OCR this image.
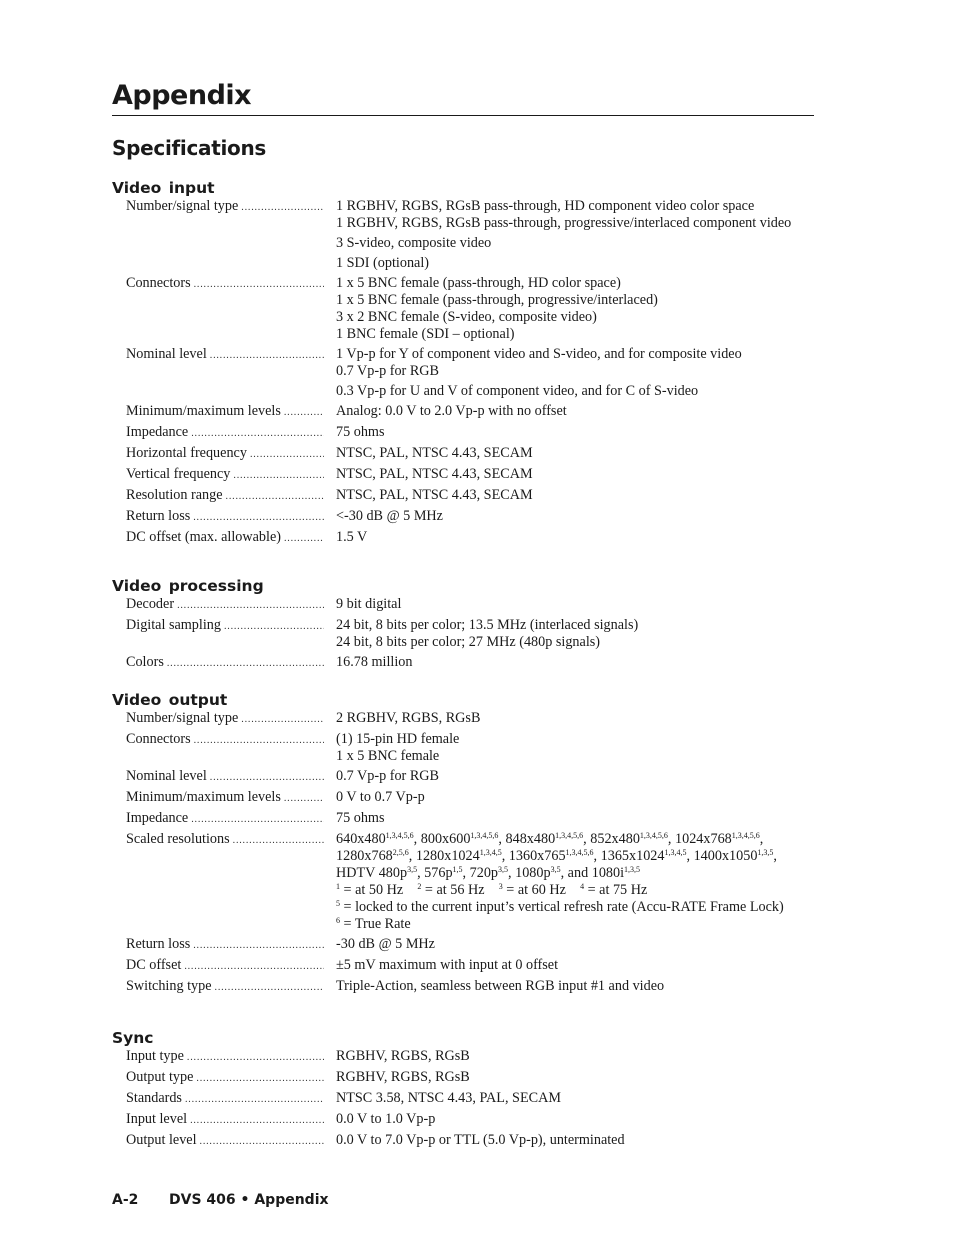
Appendix
Specifications
Video input
Number/signal type .....	1 RGBHV, RGBS, RGsB pass-through, HD component video color space
1 RGBHV, RGBS, RGsB pass-through, progressive/interlaced component video
3 S-video, composite video
1 SDI (optional)
Connectors .....	1 x 5 BNC female (pass-through, HD color space)
1 x 5 BNC female (pass-through, progressive/interlaced)
3 x 2 BNC female (S-video, composite video)
1 BNC female (SDI – optional)
Nominal level .....	1 Vp-p for Y of component video and S-video, and for composite video
0.7 Vp-p for RGB
0.3 Vp-p for U and V of component video, and for C of S-video
Minimum/maximum levels .....	Analog: 0.0 V to 2.0 Vp-p with no offset
Impedance .....	75 ohms
Horizontal frequency .....	NTSC, PAL, NTSC 4.43, SECAM
Vertical frequency .....	NTSC, PAL, NTSC 4.43, SECAM
Resolution range .....	NTSC, PAL, NTSC 4.43, SECAM
Return loss .....	<-30 dB @ 5 MHz
DC offset (max. allowable) .....	1.5 V
Video processing
Decoder .....	9 bit digital
Digital sampling .....	24 bit, 8 bits per color; 13.5 MHz (interlaced signals)
24 bit, 8 bits per color; 27 MHz (480p signals)
Colors .....	16.78 million
Video output
Number/signal type .....	2 RGBHV, RGBS, RGsB
Connectors .....	(1) 15-pin HD female
1 x 5 BNC female
Nominal level .....	0.7 Vp-p for RGB
Minimum/maximum levels .....	0 V to 0.7 Vp-p
Impedance .....	75 ohms
Scaled resolutions .....	640x480$^{1,3,4,5,6}$, 800x600$^{1,3,4,5,6}$, 848x480$^{1,3,4,5,6}$, 852x480$^{1,3,4,5,6}$, 1024x768$^{1,3,4,5,6}$,
1280x768$^{2,5,6}$, 1280x1024$^{1,3,4,5}$, 1360x765$^{1,3,4,5,6}$, 1365x1024$^{1,3,4,5}$, 1400x1050$^{1,3,5}$,
HDTV $480p^{3,5}$, $576p^{1,5}$, $720p^{3,5}$, $1080p^{3,5}$, and $1080i^{1,3,5}$
$^1$ = at 50 Hz   $^2$ = at 56 Hz   $^3$ = at 60 Hz   $^4$ = at 75 Hz
$^5$ = locked to the current input’s vertical refresh rate (Accu-RATE Frame Lock)
$^6$ = True Rate
Return loss .....	-30 dB @ 5 MHz
DC offset .....	±5 mV maximum with input at 0 offset
Switching type .....	Triple-Action, seamless between RGB input #1 and video
Sync
Input type .....	RGBHV, RGBS, RGsB
Output type .....	RGBHV, RGBS, RGsB
Standards .....	NTSC 3.58, NTSC 4.43, PAL, SECAM
Input level .....	0.0 V to 1.0 Vp-p
Output level .....	0.0 V to 7.0 Vp-p or TTL (5.0 Vp-p), unterminated
A-2 DVS 406 • Appendix
